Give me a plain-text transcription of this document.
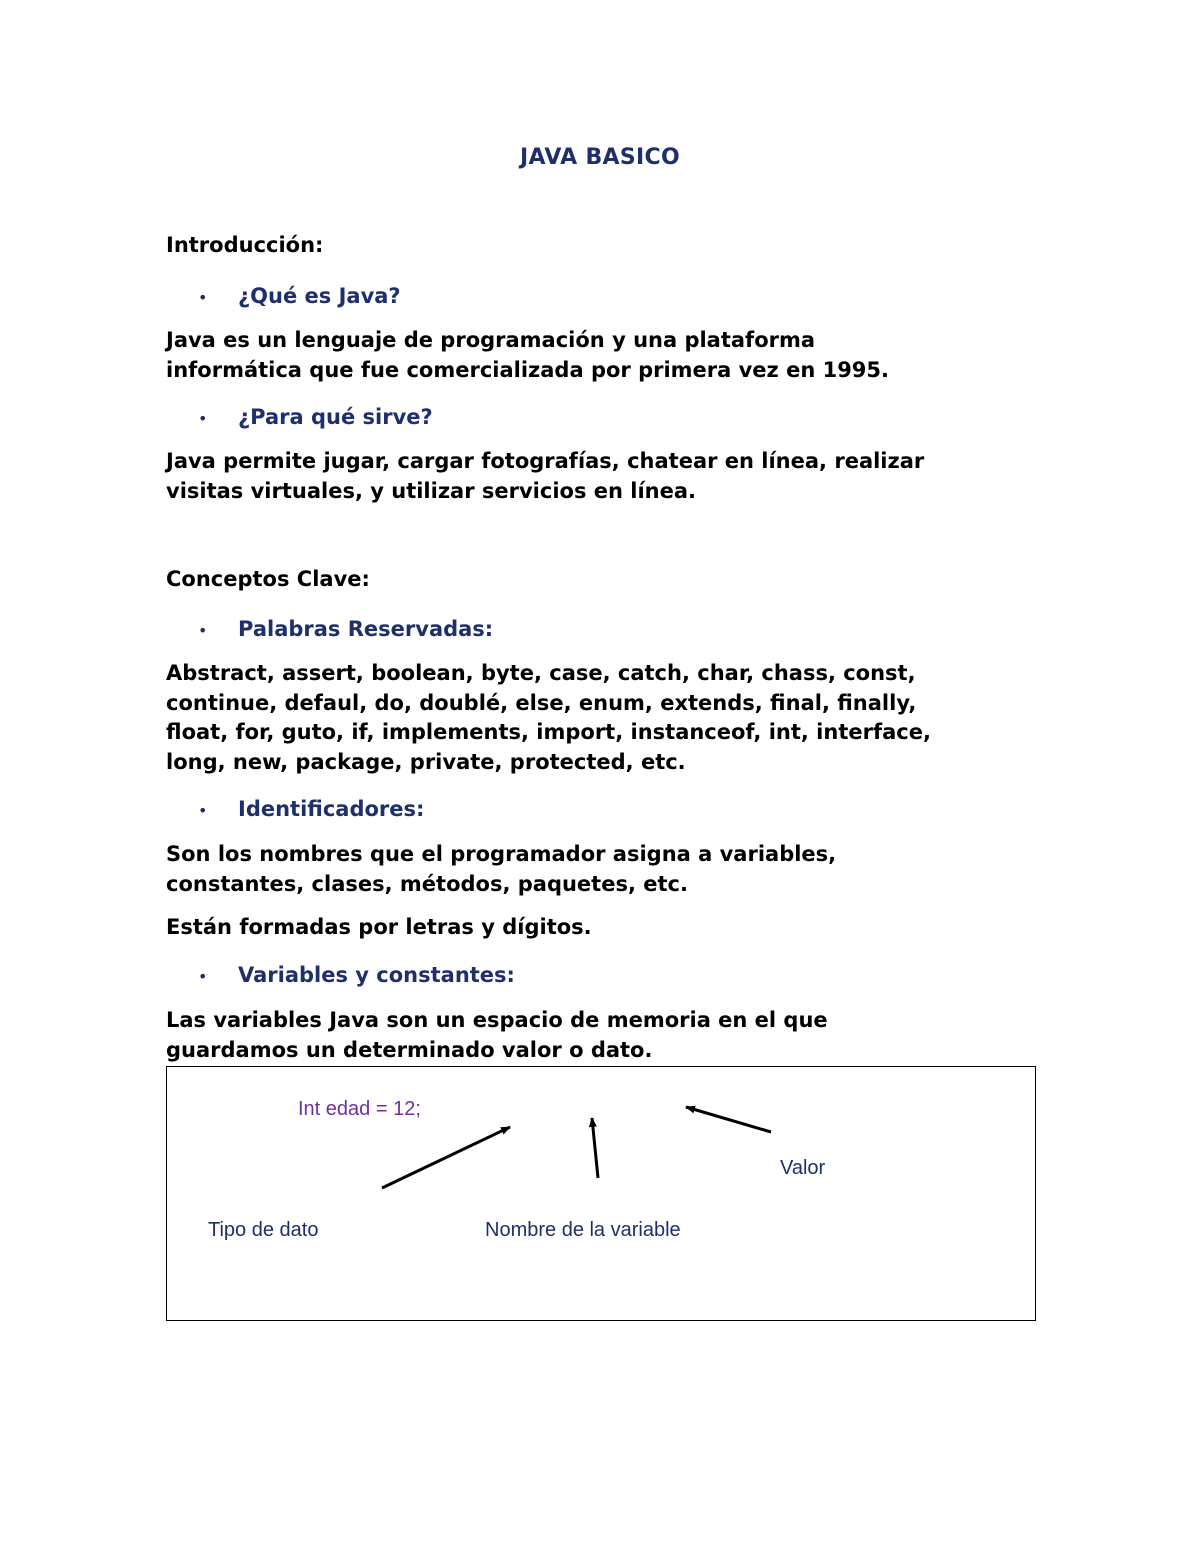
JAVA BASICO
Introducción:
•	¿Qué es Java?
Java es un lenguaje de programación y una plataforma
informática que fue comercializada por primera vez en 1995.
•	¿Para qué sirve?
Java permite jugar, cargar fotografías, chatear en línea, realizar
visitas virtuales, y utilizar servicios en línea.
Conceptos Clave:
•	Palabras Reservadas:
Abstract, assert, boolean, byte, case, catch, char, chass, const,
continue, defaul, do, doublé, else, enum, extends, final, finally,
float, for, guto, if, implements, import, instanceof, int, interface,
long, new, package, private, protected, etc.
•	Identificadores:
Son los nombres que el programador asigna a variables,
constantes, clases, métodos, paquetes, etc.
Están formadas por letras y dígitos.
•	Variables y constantes:
Las variables Java son un espacio de memoria en el que
guardamos un determinado valor o dato.
Int edad = 12;
Tipo de dato	Nombre de la variable
Valor
